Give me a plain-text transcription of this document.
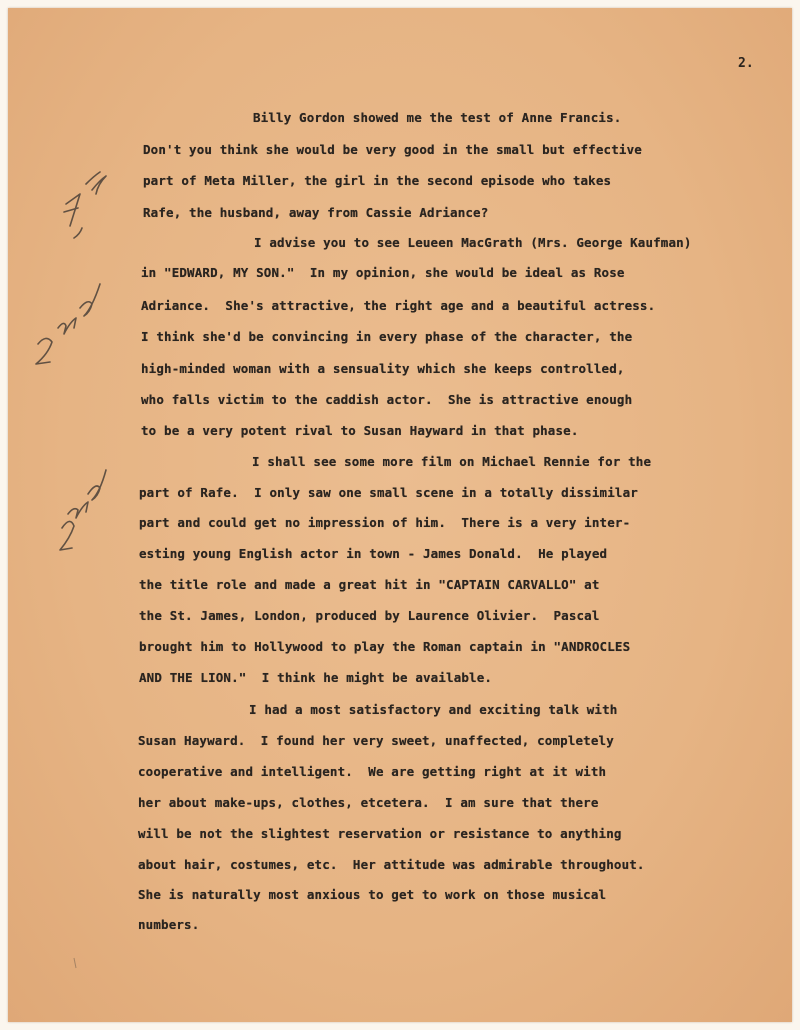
2.
Billy Gordon showed me the test of Anne Francis.
Don't you think she would be very good in the small but effective
part of Meta Miller, the girl in the second episode who takes
Rafe, the husband, away from Cassie Adriance?
I advise you to see Leueen MacGrath (Mrs. George Kaufman)
in "EDWARD, MY SON."  In my opinion, she would be ideal as Rose
Adriance.  She's attractive, the right age and a beautiful actress.
I think she'd be convincing in every phase of the character, the
high-minded woman with a sensuality which she keeps controlled,
who falls victim to the caddish actor.  She is attractive enough
to be a very potent rival to Susan Hayward in that phase.
I shall see some more film on Michael Rennie for the
part of Rafe.  I only saw one small scene in a totally dissimilar
part and could get no impression of him.  There is a very inter-
esting young English actor in town - James Donald.  He played
the title role and made a great hit in "CAPTAIN CARVALLO" at
the St. James, London, produced by Laurence Olivier.  Pascal
brought him to Hollywood to play the Roman captain in "ANDROCLES
AND THE LION."  I think he might be available.
I had a most satisfactory and exciting talk with
Susan Hayward.  I found her very sweet, unaffected, completely
cooperative and intelligent.  We are getting right at it with
her about make-ups, clothes, etcetera.  I am sure that there
will be not the slightest reservation or resistance to anything
about hair, costumes, etc.  Her attitude was admirable throughout.
She is naturally most anxious to get to work on those musical
numbers.
